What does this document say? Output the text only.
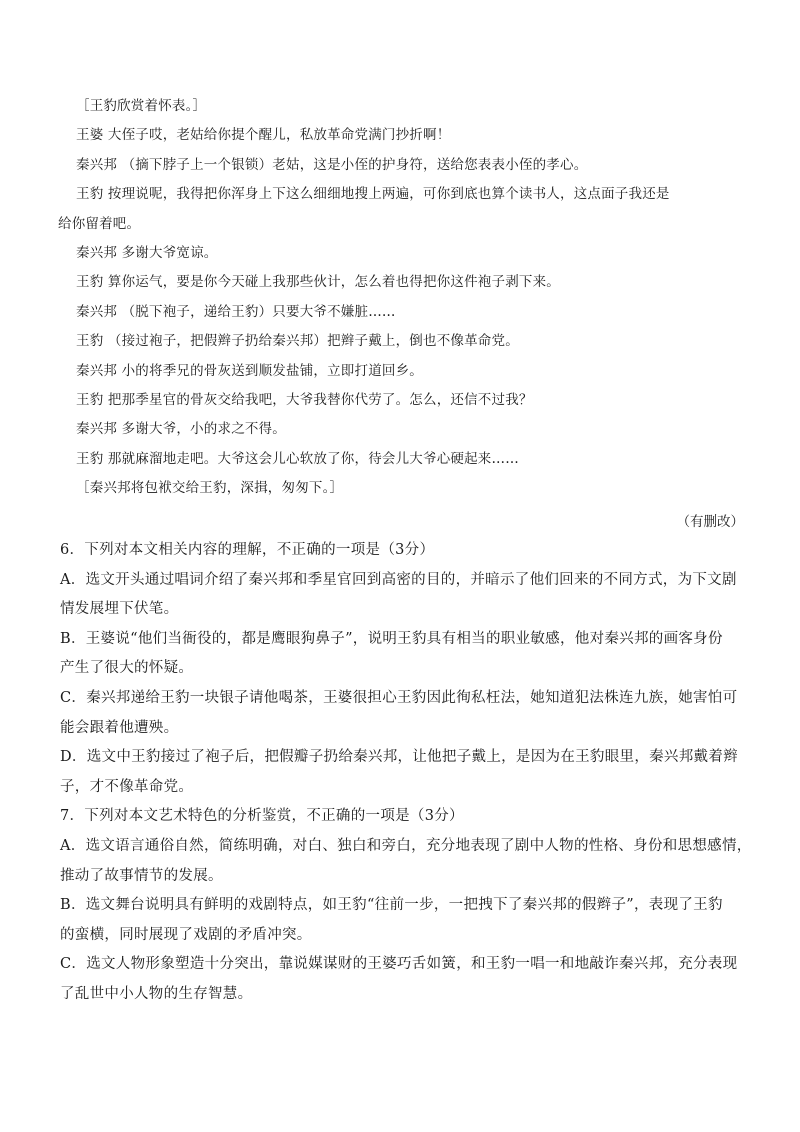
［王豹欣赏着怀表。］
王婆 大侄子哎，老姑给你提个醒儿，私放革命党满门抄折啊！
秦兴邦 （摘下脖子上一个银锁）老姑，这是小侄的护身符，送给您表表小侄的孝心。
王豹 按理说呢，我得把你浑身上下这么细细地搜上两遍，可你到底也算个读书人，这点面子我还是
给你留着吧。
秦兴邦 多谢大爷宽谅。
王豹 算你运气，要是你今天碰上我那些伙计，怎么着也得把你这件袍子剥下来。
秦兴邦 （脱下袍子，递给王豹）只要大爷不嫌脏……
王豹 （接过袍子，把假辫子扔给秦兴邦）把辫子戴上，倒也不像革命党。
秦兴邦 小的将季兄的骨灰送到顺发盐铺，立即打道回乡。
王豹 把那季星官的骨灰交给我吧，大爷我替你代劳了。怎么，还信不过我？
秦兴邦 多谢大爷，小的求之不得。
王豹 那就麻溜地走吧。大爷这会儿心软放了你，待会儿大爷心硬起来……
［秦兴邦将包袱交给王豹，深揖，匆匆下。］
（有删改）
6．下列对本文相关内容的理解，不正确的一项是（3分）
A．选文开头通过唱词介绍了秦兴邦和季星官回到高密的目的，并暗示了他们回来的不同方式，为下文剧
情发展埋下伏笔。
B．王婆说“他们当衙役的，都是鹰眼狗鼻子”，说明王豹具有相当的职业敏感，他对秦兴邦的画客身份
产生了很大的怀疑。
C．秦兴邦递给王豹一块银子请他喝茶，王婆很担心王豹因此徇私枉法，她知道犯法株连九族，她害怕可
能会跟着他遭殃。
D．选文中王豹接过了袍子后，把假瓣子扔给秦兴邦，让他把子戴上，是因为在王豹眼里，秦兴邦戴着辫
子，才不像革命党。
7．下列对本文艺术特色的分析鉴赏，不正确的一项是（3分）
A．选文语言通俗自然，简练明确，对白、独白和旁白，充分地表现了剧中人物的性格、身份和思想感情，
推动了故事情节的发展。
B．选文舞台说明具有鲜明的戏剧特点，如王豹“往前一步，一把拽下了秦兴邦的假辫子”，表现了王豹
的蛮横，同时展现了戏剧的矛盾冲突。
C．选文人物形象塑造十分突出，靠说媒谋财的王婆巧舌如簧，和王豹一唱一和地敲诈秦兴邦，充分表现
了乱世中小人物的生存智慧。
